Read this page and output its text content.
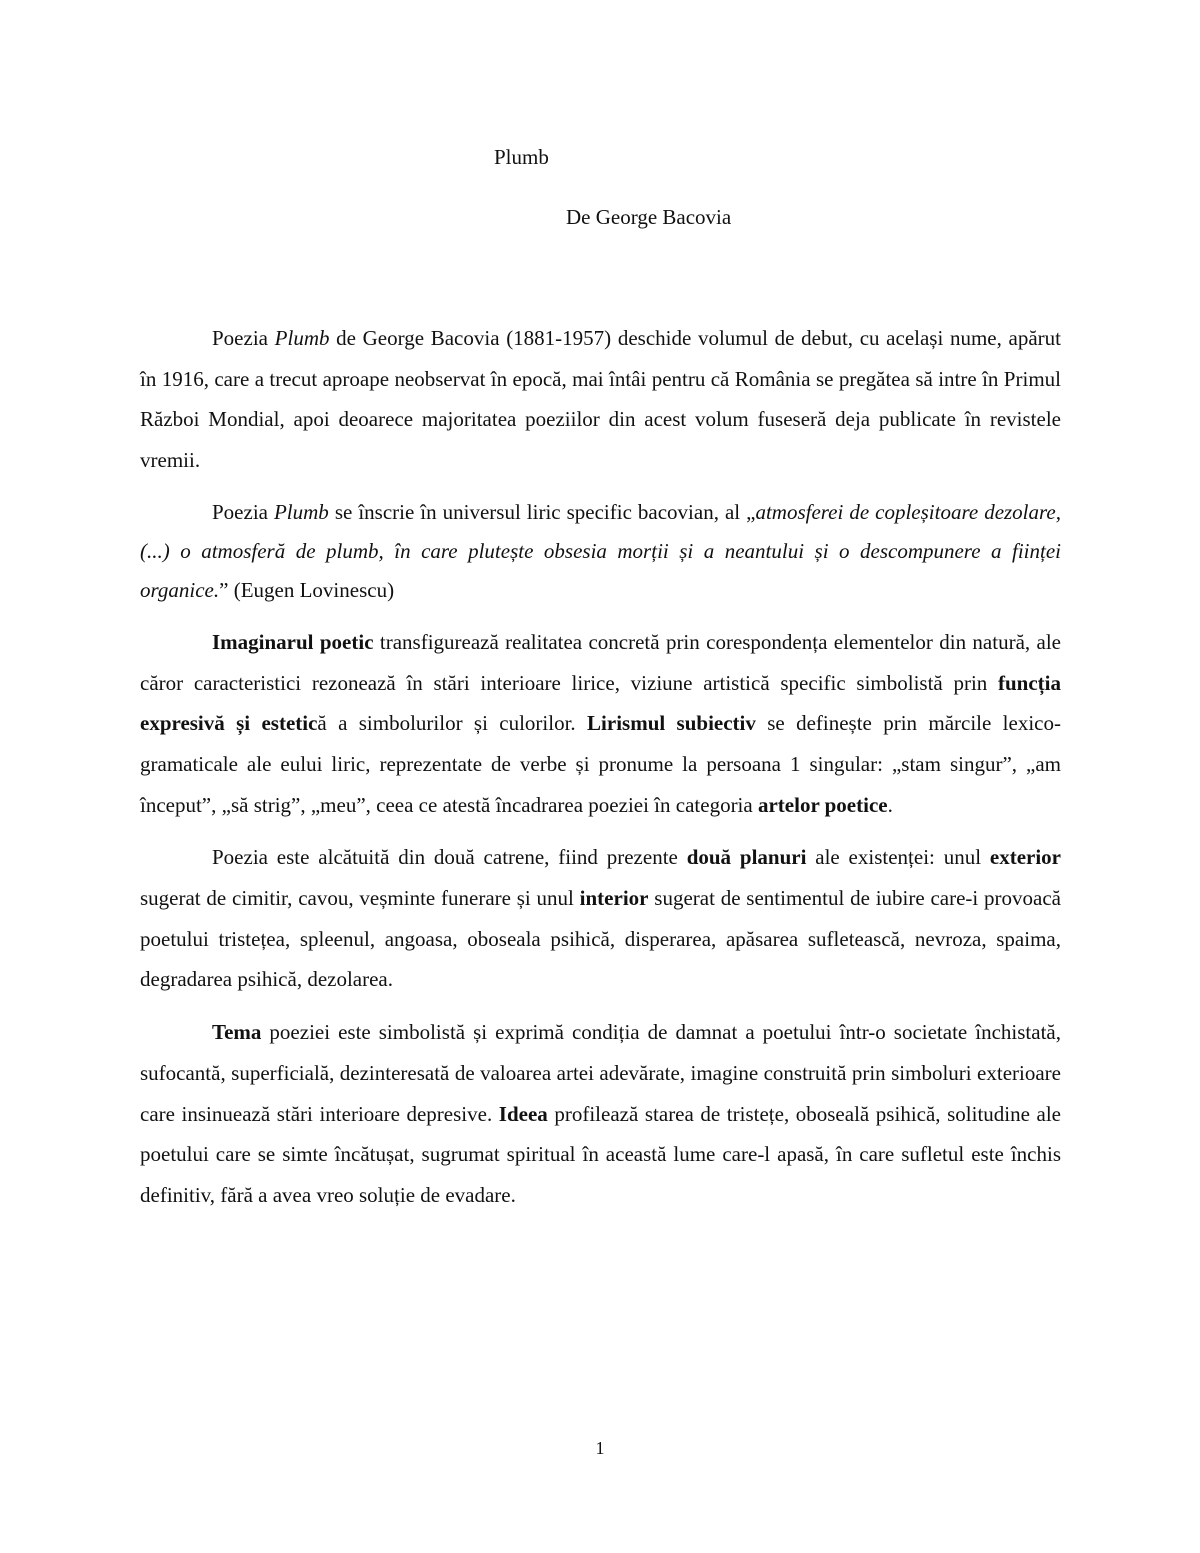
Plumb
De George Bacovia

Poezia Plumb de George Bacovia (1881-1957) deschide volumul de debut, cu același nume, apărut în 1916, care a trecut aproape neobservat în epocă, mai întâi pentru că România se pregătea să intre în Primul Război Mondial, apoi deoarece majoritatea poeziilor din acest volum fuseseră deja publicate în revistele vremii.

Poezia Plumb se înscrie în universul liric specific bacovian, al „atmosferei de copleșitoare dezolare, (...) o atmosferă de plumb, în care plutește obsesia morții și a neantului și o descompunere a ființei organice.” (Eugen Lovinescu)

Imaginarul poetic transfigurează realitatea concretă prin corespondența elementelor din natură, ale căror caracteristici rezonează în stări interioare lirice, viziune artistică specific simbolistă prin funcția expresivă și estetică a simbolurilor și culorilor. Lirismul subiectiv se definește prin mărcile lexico-gramaticale ale eului liric, reprezentate de verbe și pronume la persoana 1 singular: „stam singur”, „am început”, „să strig”, „meu”, ceea ce atestă încadrarea poeziei în categoria artelor poetice.

Poezia este alcătuită din două catrene, fiind prezente două planuri ale existenței: unul exterior sugerat de cimitir, cavou, veșminte funerare și unul interior sugerat de sentimentul de iubire care-i provoacă poetului tristețea, spleenul, angoasa, oboseala psihică, disperarea, apăsarea sufletească, nevroza, spaima, degradarea psihică, dezolarea.

Tema poeziei este simbolistă și exprimă condiția de damnat a poetului într-o societate închistată, sufocantă, superficială, dezinteresată de valoarea artei adevărate, imagine construită prin simboluri exterioare care insinuează stări interioare depresive. Ideea profilează starea de tristețe, oboseală psihică, solitudine ale poetului care se simte încătușat, sugrumat spiritual în această lume care-l apasă, în care sufletul este închis definitiv, fără a avea vreo soluție de evadare.

1
